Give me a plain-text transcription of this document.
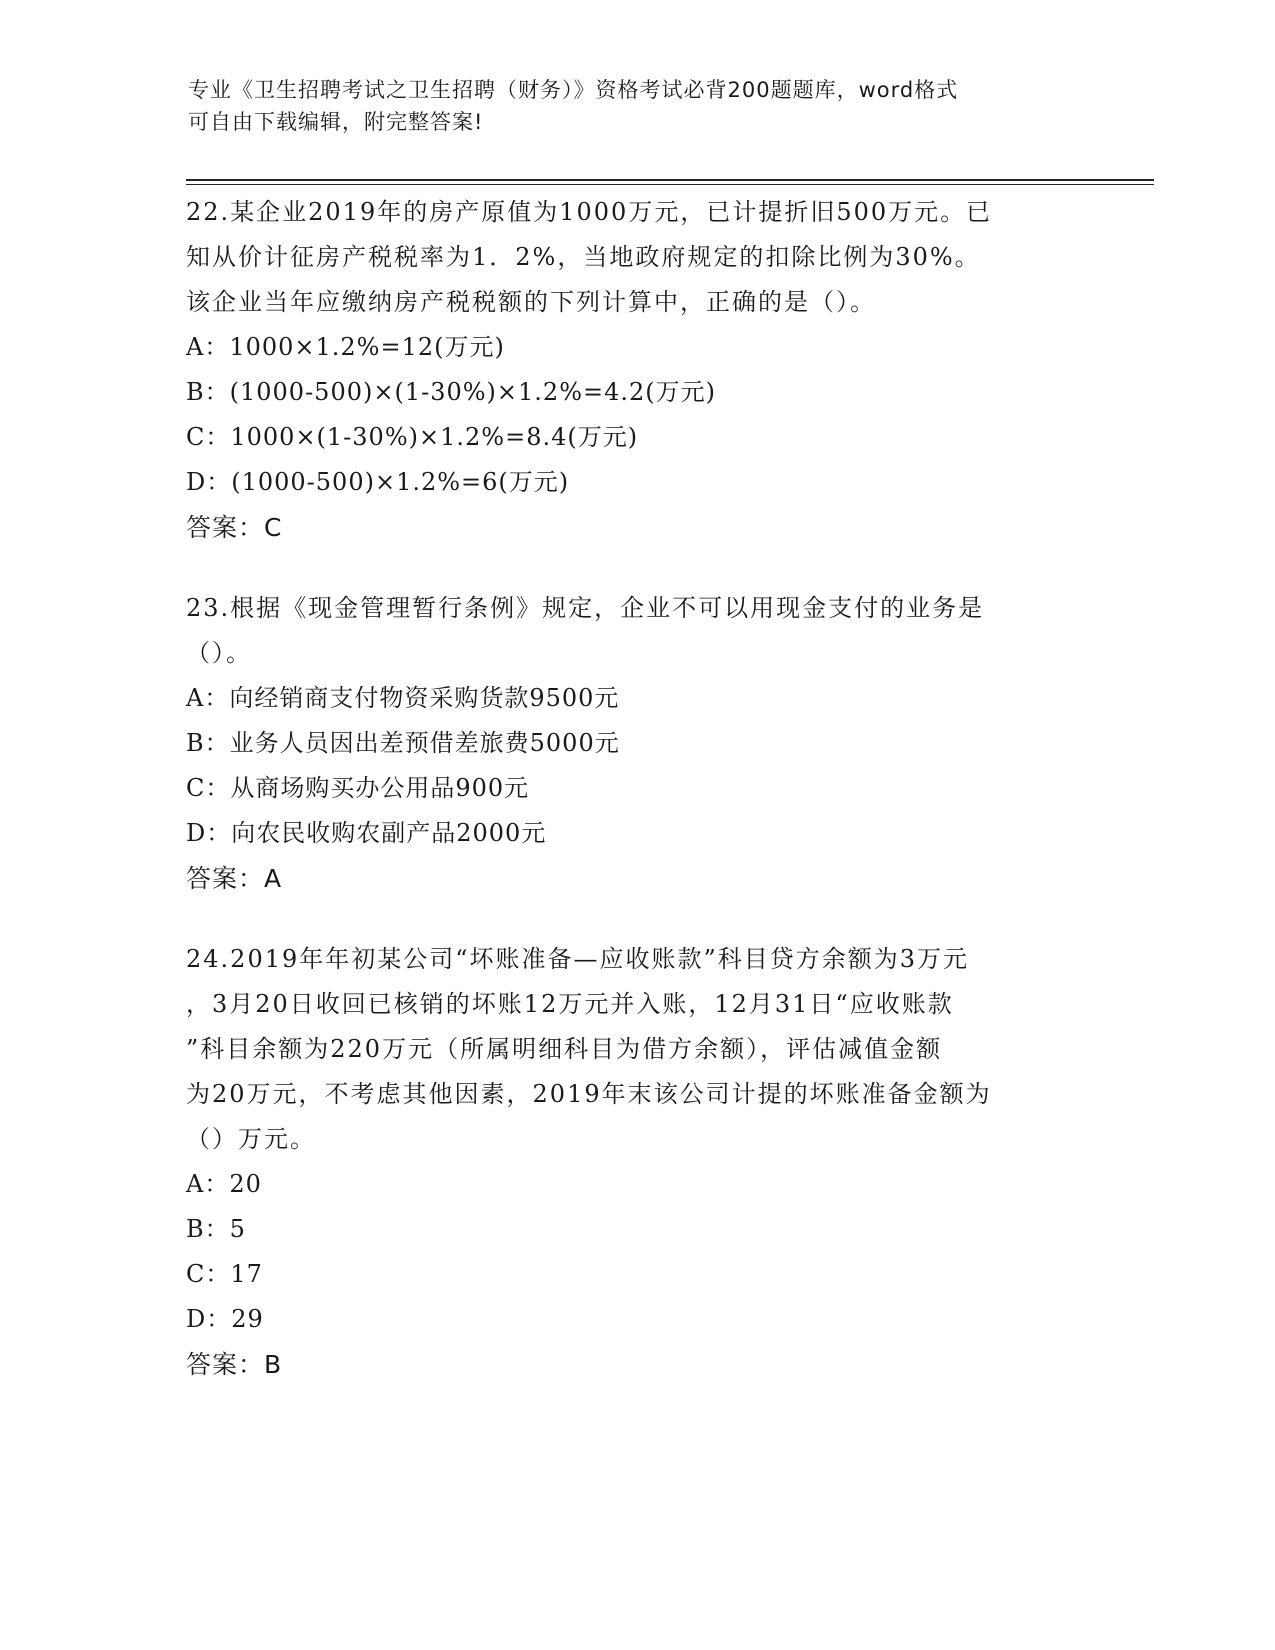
专业《卫生招聘考试之卫生招聘（财务）》资格考试必背200题题库，word格式
可自由下载编辑，附完整答案!

22.某企业2019年的房产原值为1000万元，已计提折旧500万元。已

知从价计征房产税税率为1．2%，当地政府规定的扣除比例为30%。

该企业当年应缴纳房产税税额的下列计算中，正确的是（）。

A：1000×1.2%=12(万元)

B：(1000-500)×(1-30%)×1.2%=4.2(万元)

C：1000×(1-30%)×1.2%=8.4(万元)

D：(1000-500)×1.2%=6(万元)

答案：C

23.根据《现金管理暂行条例》规定，企业不可以用现金支付的业务是

（）。

A：向经销商支付物资采购货款9500元

B：业务人员因出差预借差旅费5000元

C：从商场购买办公用品900元

D：向农民收购农副产品2000元

答案：A

24.2019年年初某公司“坏账准备—应收账款”科目贷方余额为3万元

，3月20日收回已核销的坏账12万元并入账，12月31日“应收账款

”科目余额为220万元（所属明细科目为借方余额），评估减值金额

为20万元，不考虑其他因素，2019年末该公司计提的坏账准备金额为

（）万元。

A：20

B：5

C：17

D：29

答案：B
